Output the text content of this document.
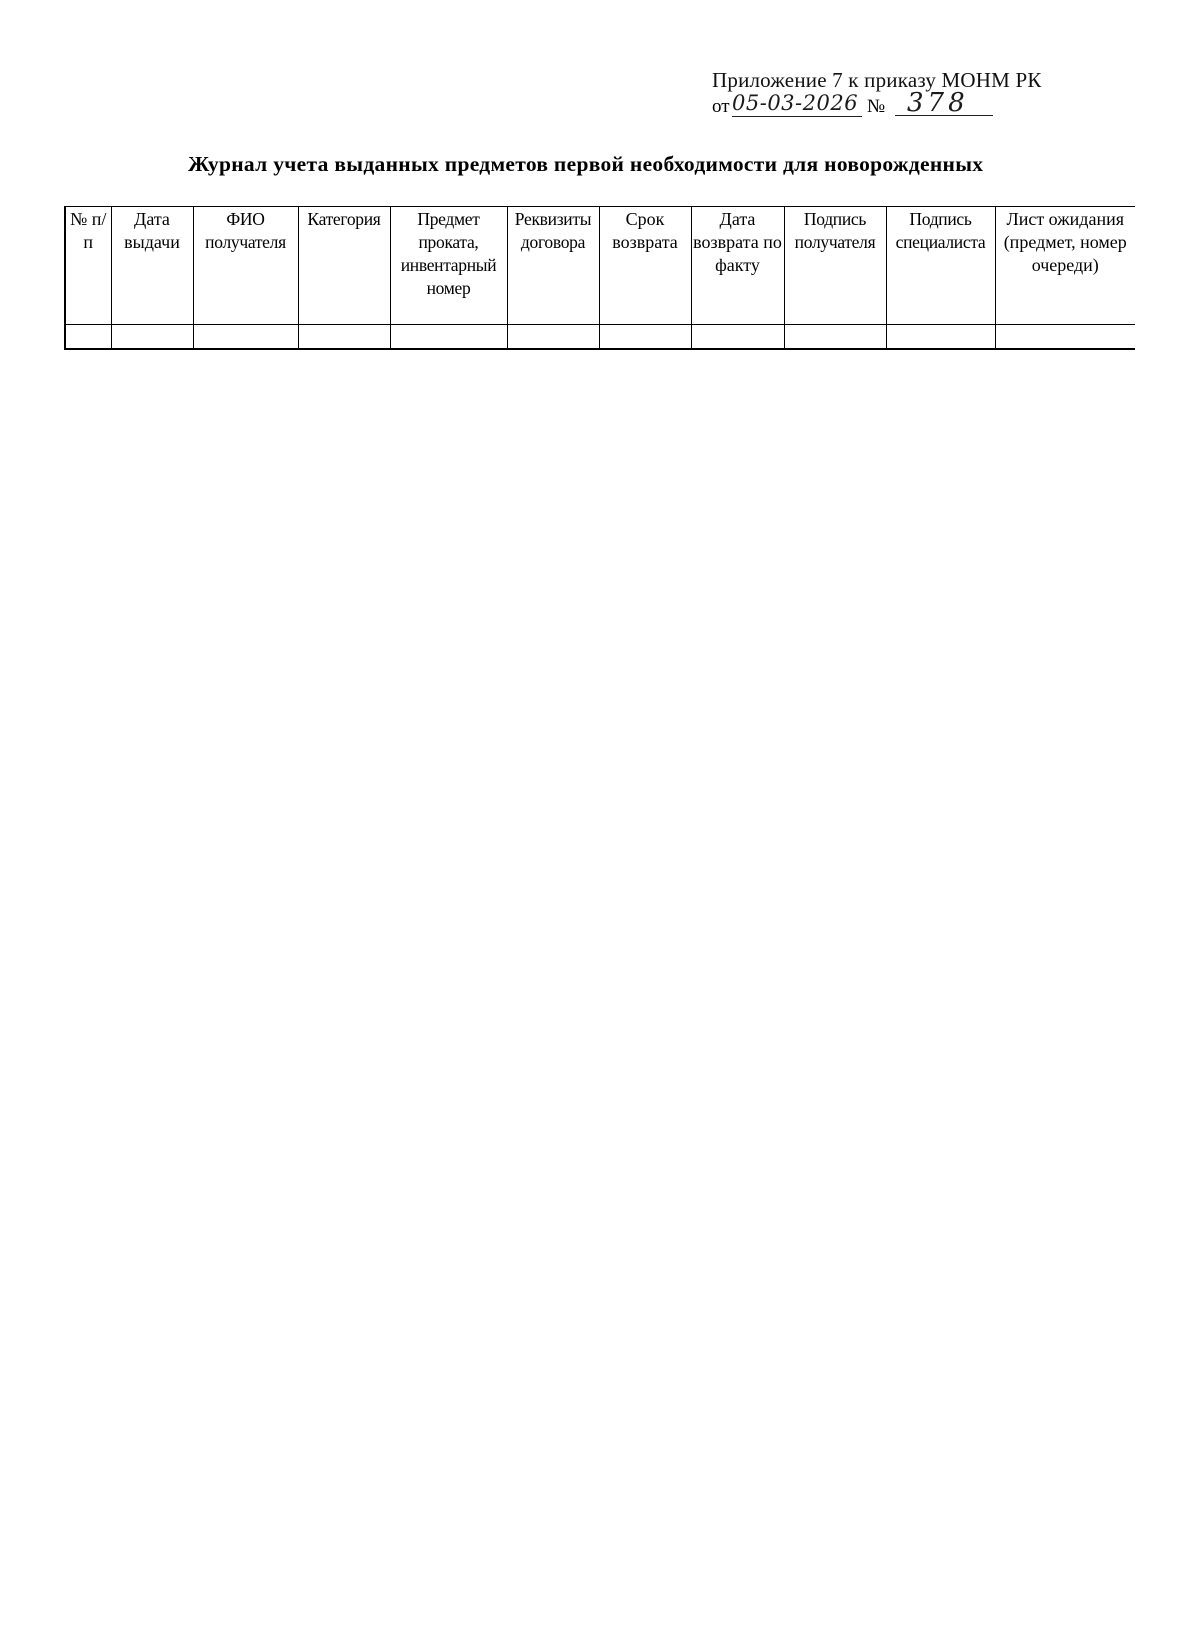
Приложение 7 к приказу МОНМ РК
от 05-03-2026 № 378
Журнал учета выданных предметов первой необходимости для новорожденных
№ п/п	Дата выдачи	ФИО получателя	Категория	Предмет проката, инвентарный номер	Реквизиты договора	Срок возврата	Дата возврата по факту	Подпись получателя	Подпись специалиста	Лист ожидания (предмет, номер очереди)
